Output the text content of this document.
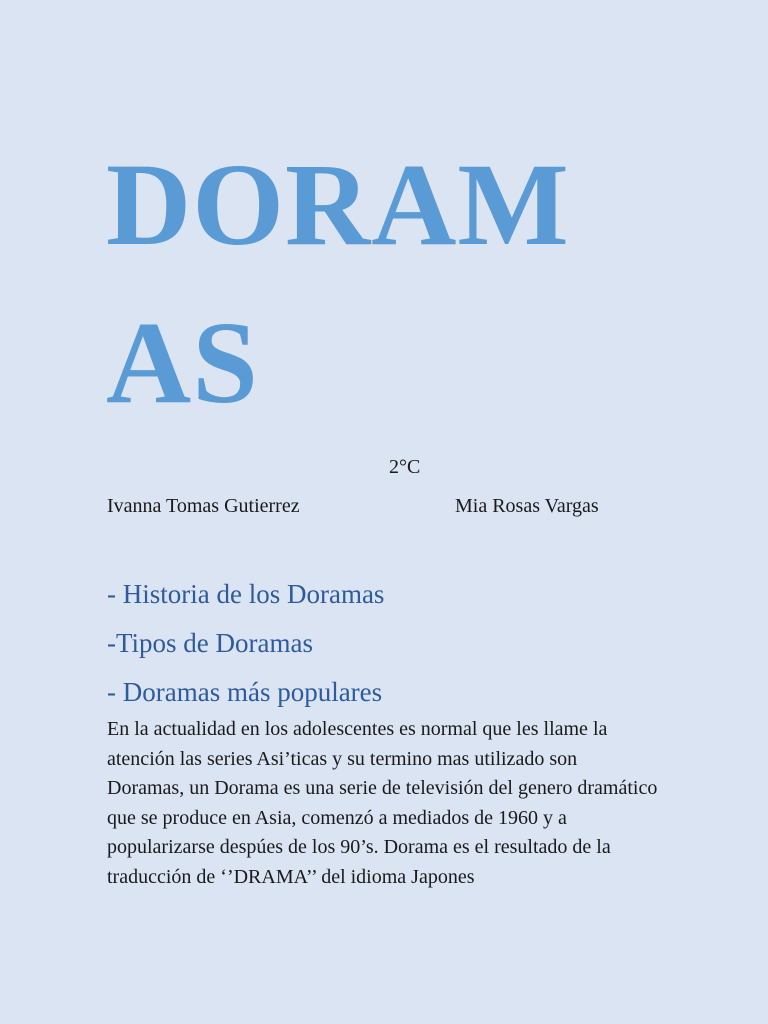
DORAM
AS
2°C
Ivanna Tomas Gutierrez	Mia Rosas Vargas
- Historia de los Doramas
-Tipos de Doramas
- Doramas más populares

En la actualidad en los adolescentes es normal que les llame la atención las series Asi’ticas y su termino mas utilizado son Doramas, un Dorama es una serie de televisión del genero dramático que se produce en Asia, comenzó a mediados de 1960 y a popularizarse despúes de los 90’s. Dorama es el resultado de la traducción de ‘’DRAMA’’ del idioma Japones
